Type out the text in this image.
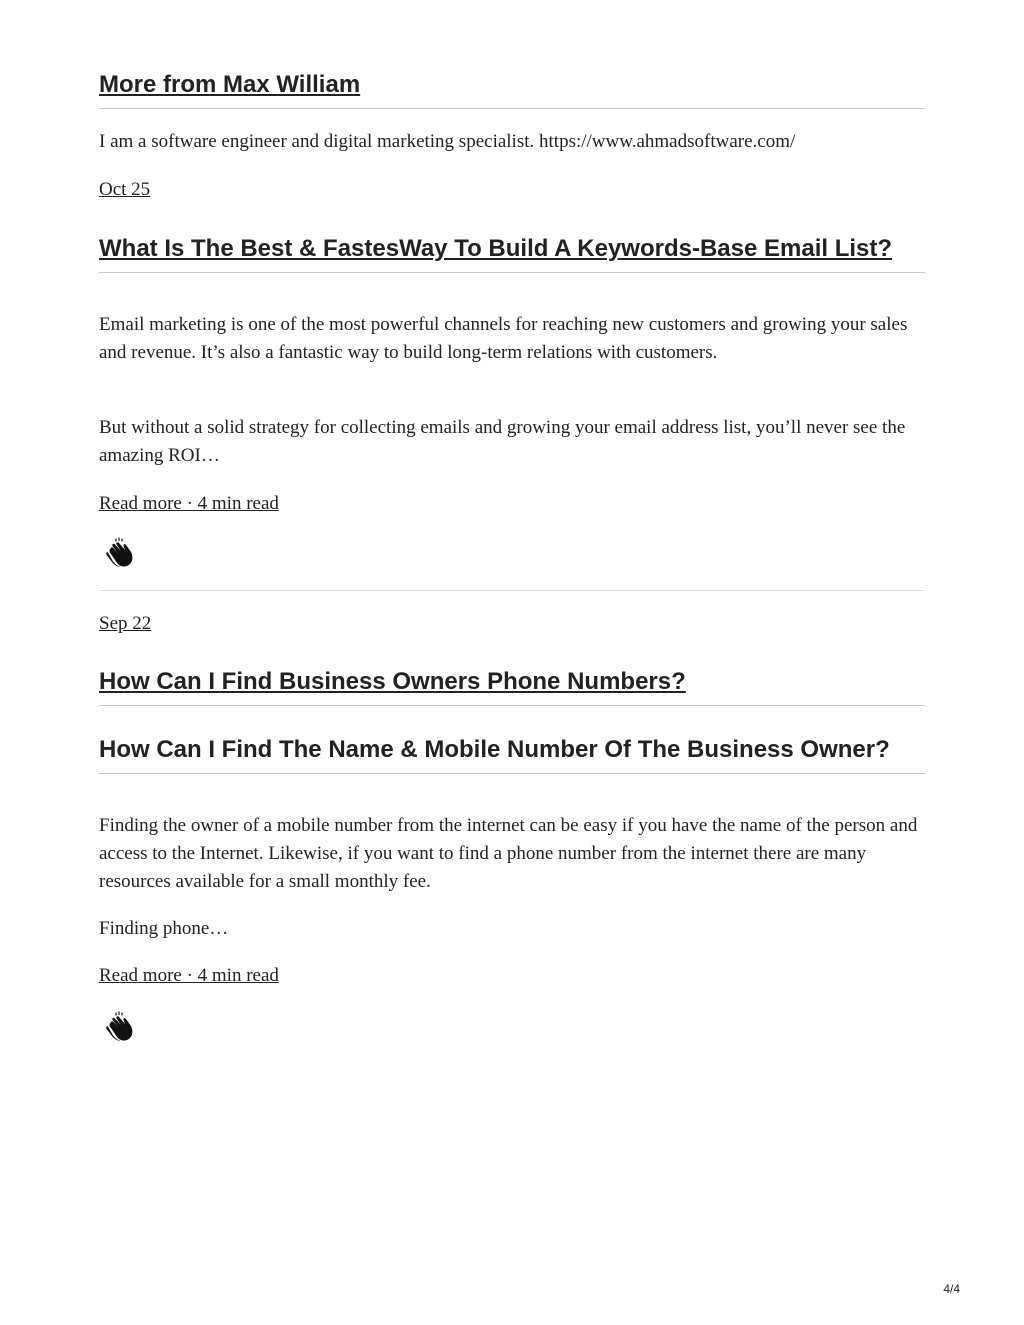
More from Max William

I am a software engineer and digital marketing specialist. https://www.ahmadsoftware.com/

Oct 25
What Is The Best & FastesWay To Build A Keywords-Base Email List?

Email marketing is one of the most powerful channels for reaching new customers and growing your sales and revenue. It’s also a fantastic way to build long-term relations with customers.

But without a solid strategy for collecting emails and growing your email address list, you’ll never see the amazing ROI…

Read more · 4 min read
Sep 22
How Can I Find Business Owners Phone Numbers?
How Can I Find The Name & Mobile Number Of The Business Owner?

Finding the owner of a mobile number from the internet can be easy if you have the name of the person and access to the Internet. Likewise, if you want to find a phone number from the internet there are many resources available for a small monthly fee.

Finding phone…

Read more · 4 min read
4/4
